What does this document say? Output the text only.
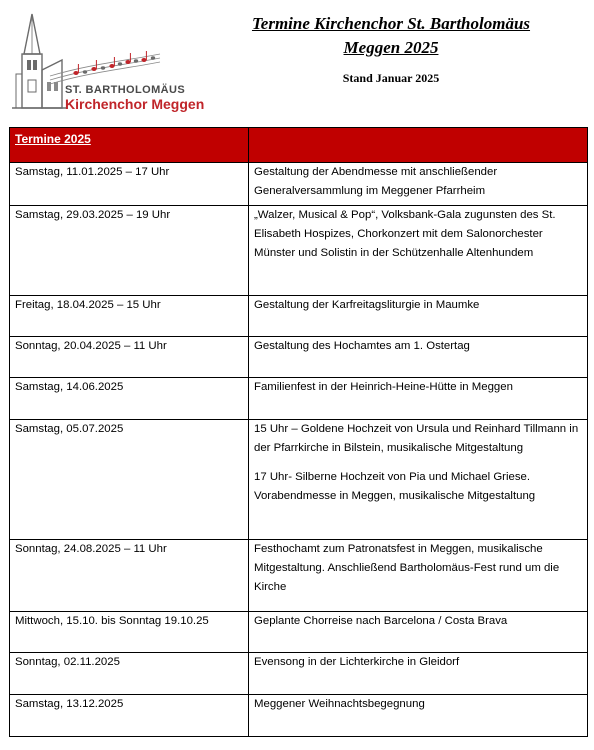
ST. BARTHOLOMÄUS
Kirchenchor Meggen
Termine Kirchenchor St. Bartholomäus
Meggen 2025
Stand Januar 2025
Termine 2025	
Samstag, 11.01.2025 – 17 Uhr	Gestaltung der Abendmesse mit anschließender Generalversammlung im Meggener Pfarrheim

Samstag, 29.03.2025 – 19 Uhr	„Walzer, Musical & Pop“, Volksbank-Gala zugunsten des St. Elisabeth Hospizes, Chorkonzert mit dem Salonorchester Münster und Solistin in der Schützenhalle Altenhundem

Freitag, 18.04.2025 – 15 Uhr	Gestaltung der Karfreitagsliturgie in Maumke

Sonntag, 20.04.2025 – 11 Uhr	Gestaltung des Hochamtes am 1. Ostertag

Samstag, 14.06.2025	Familienfest in der Heinrich-Heine-Hütte in Meggen

Samstag, 05.07.2025	15 Uhr – Goldene Hochzeit von Ursula und Reinhard Tillmann in der Pfarrkirche in Bilstein, musikalische Mitgestaltung

17 Uhr- Silberne Hochzeit von Pia und Michael Griese. Vorabendmesse in Meggen, musikalische Mitgestaltung

Sonntag, 24.08.2025 – 11 Uhr	Festhochamt zum Patronatsfest in Meggen, musikalische Mitgestaltung. Anschließend Bartholomäus-Fest rund um die Kirche

Mittwoch, 15.10. bis Sonntag 19.10.25	Geplante Chorreise nach Barcelona / Costa Brava

Sonntag, 02.11.2025	Evensong in der Lichterkirche in Gleidorf

Samstag, 13.12.2025	Meggener Weihnachtsbegegnung
